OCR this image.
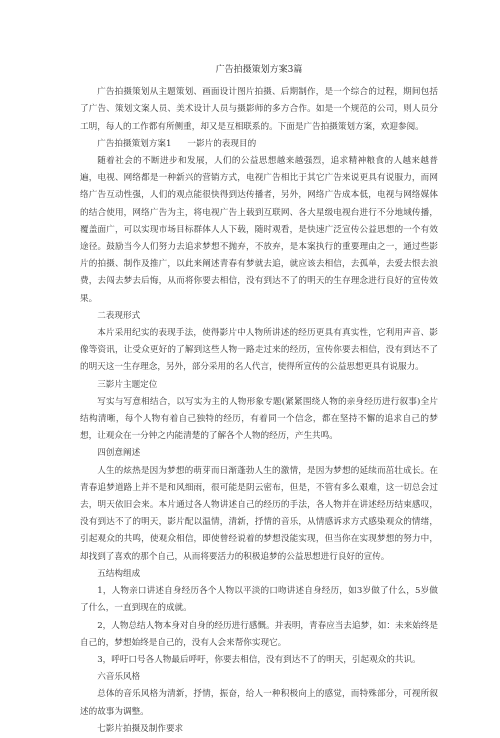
广告拍摄策划方案3篇

广告拍摄策划从主题策划、画面设计图片拍摄、后期制作，是一个综合的过程，期间包括了广告、策划文案人员、美术设计人员与摄影师的多方合作。如是一个规范的公司，则人员分工明，每人的工作都有所侧重，却又是互相联系的。下面是广告拍摄策划方案，欢迎参阅。

广告拍摄策划方案1 一影片的表现目的

随着社会的不断进步和发展，人们的公益思想越来越强烈，追求精神粮食的人越来越普遍，电视、网络都是一种新兴的营销方式，电视广告相比于其它广告来说更具有说服力，而网络广告互动性强，人们的观点能很快得到达传播者，另外，网络广告成本低，电视与网络媒体的结合使用，网络广告为主，将电视广告上载到互联网、各大星级电视台进行不分地域传播，覆盖面广，可以实现市场目标群体人人下载，随时观看，是快速广泛宣传公益思想的一个有效途径。鼓励当今人们努力去追求梦想不抛弃，不放弃，是本案执行的重要理由之一，通过些影片的拍摄、制作及推广，以此来阐述青春有梦就去追，就应该去相信，去孤单，去爱去恨去浪费，去闯去梦去后悔，从而将你要去相信，没有到达不了的明天的生存理念进行良好的宣传效果。

二表现形式

本片采用纪实的表现手法，使得影片中人物所讲述的经历更具有真实性，它利用声音、影像等资讯，让受众更好的了解到这些人物一路走过来的经历，宣传你要去相信，没有到达不了的明天这一生存理念，另外，部分采用的名人代言，使得所宣传的公益思想更具有说服力。

三影片主题定位

写实与写意相结合，以写实为主的人物形象专题(紧紧围绕人物的亲身经历进行叙事)全片结构清晰，每个人物有着自己独特的经历，有着同一个信念，都在坚持不懈的追求自己的梦想，让观众在一分钟之内能清楚的了解各个人物的经历，产生共鸣。

四创意阐述

人生的炫热是因为梦想的萌芽而日渐蓬勃人生的激情，是因为梦想的延续而茁壮成长。在青春追梦道路上并不是和风细雨，很可能是阴云密布，但是，不管有多么艰难，这一切总会过去，明天依旧会来。本片通过各人物讲述自己的经历的手法，各人物并在讲述经历结束感叹，没有到达不了的明天，影片配以温情，清新，抒情的音乐，从情感诉求方式感染观众的情绪，引起观众的共鸣，使观众相信，即使曾经说着的梦想没能实现，但当你在实现梦想的努力中，却找到了喜欢的那个自己，从而将要活力的积极追梦的公益思想进行良好的宣传。

五结构组成

1，人物亲口讲述自身经历各个人物以平淡的口吻讲述自身经历，如3岁做了什么，5岁做了什么，一直到现在的成就。

2，人物总结人物本身对自身的经历进行感慨。并表明，青春应当去追梦，如：未来始终是自己的，梦想始终是自己的，没有人会来帮你实现它。

3，呼吁口号各人物最后呼吁，你要去相信，没有到达不了的明天，引起观众的共识。

六音乐风格

总体的音乐风格为清新，抒情，振奋，给人一种积极向上的感觉，而特殊部分，可视所叙述的故事为调整。

七影片拍摄及制作要求
